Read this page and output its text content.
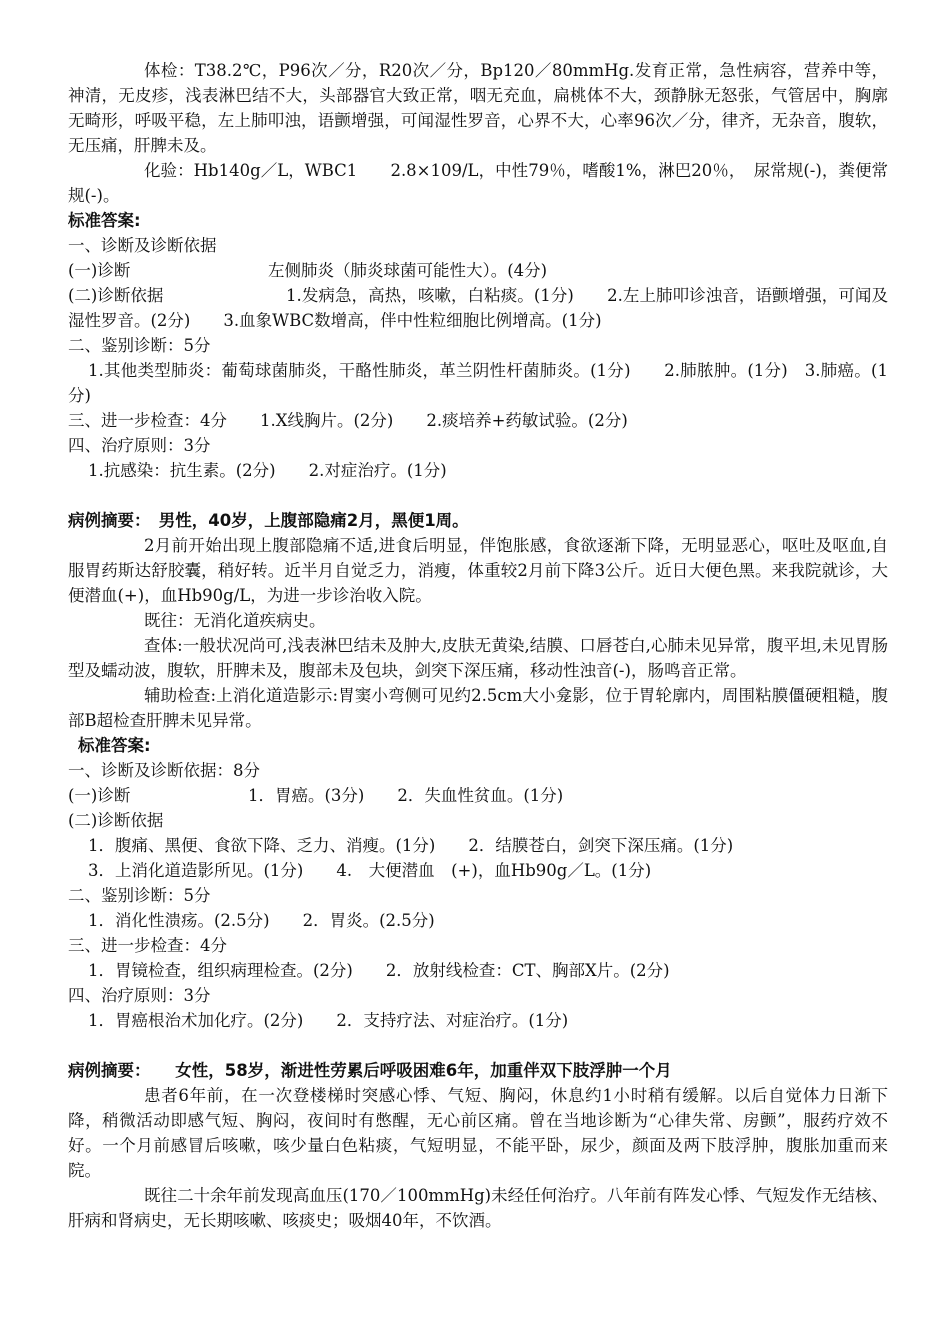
体检：T38.2℃，P96次／分，R20次／分，Bp120／80mmHg.发育正常，急性病容，营养中等，神清，无皮疹，浅表淋巴结不大，头部器官大致正常，咽无充血，扁桃体不大，颈静脉无怒张，气管居中，胸廓无畸形，呼吸平稳，左上肺叩浊，语颤增强，可闻湿性罗音，心界不大，心率96次／分，律齐，无杂音，腹软，无压痛，肝脾未及。

化验：Hb140g／L，WBC1　　2.8×109/L，中性79％，嗜酸1%，淋巴20％，　尿常规(-)，粪便常规(-)。

标准答案:

一、诊断及诊断依据

(一)诊断	左侧肺炎（肺炎球菌可能性大）。(4分)

(二)诊断依据	1.发病急，高热，咳嗽，白粘痰。(1分)　　2.左上肺叩诊浊音，语颤增强，可闻及湿性罗音。(2分)　　3.血象WBC数增高，伴中性粒细胞比例增高。(1分)

二、鉴别诊断：5分

1.其他类型肺炎：葡萄球菌肺炎，干酪性肺炎，革兰阴性杆菌肺炎。(1分)　　2.肺脓肿。(1分)　3.肺癌。(1分)

三、进一步检查：4分　　1.X线胸片。(2分)　　2.痰培养+药敏试验。(2分)

四、治疗原则：3分

1.抗感染：抗生素。(2分)　　2.对症治疗。(1分)

病例摘要：　男性，40岁，上腹部隐痛2月，黑便1周。

2月前开始出现上腹部隐痛不适,进食后明显，伴饱胀感，食欲逐渐下降，无明显恶心，呕吐及呕血,自服胃药斯达舒胶囊，稍好转。近半月自觉乏力，消瘦，体重较2月前下降3公斤。近日大便色黑。来我院就诊，大便潜血(+)，血Hb90g/L，为进一步诊治收入院。

既往：无消化道疾病史。

查体:一般状况尚可,浅表淋巴结未及肿大,皮肤无黄染,结膜、口唇苍白,心肺未见异常，腹平坦,未见胃肠型及蠕动波，腹软，肝脾未及，腹部未及包块，剑突下深压痛，移动性浊音(-)，肠鸣音正常。

辅助检查:上消化道造影示:胃窦小弯侧可见约2.5cm大小龛影，位于胃轮廓内，周围粘膜僵硬粗糙，腹部B超检查肝脾未见异常。

标准答案:

一、诊断及诊断依据：8分

(一)诊断	1．胃癌。(3分)　　2．失血性贫血。(1分)

(二)诊断依据

1．腹痛、黑便、食欲下降、乏力、消瘦。(1分)　　2．结膜苍白，剑突下深压痛。(1分)

3．上消化道造影所见。(1分)　　4.　大便潜血　(+)，血Hb90g／L。(1分)

二、鉴别诊断：5分

1．消化性溃疡。(2.5分)　　2．胃炎。(2.5分)

三、进一步检查：4分

1．胃镜检查，组织病理检查。(2分)　　2．放射线检查：CT、胸部X片。(2分)

四、治疗原则：3分

1．胃癌根治术加化疗。(2分)　　2．支持疗法、对症治疗。(1分)

病例摘要：　　女性，58岁，渐进性劳累后呼吸困难6年，加重伴双下肢浮肿一个月

患者6年前，在一次登楼梯时突感心悸、气短、胸闷，休息约1小时稍有缓解。以后自觉体力日渐下降，稍微活动即感气短、胸闷，夜间时有憋醒，无心前区痛。曾在当地诊断为“心律失常、房颤”，服药疗效不好。一个月前感冒后咳嗽，咳少量白色粘痰，气短明显，不能平卧，尿少，颜面及两下肢浮肿，腹胀加重而来院。

既往二十余年前发现高血压(170／100mmHg)未经任何治疗。八年前有阵发心悸、气短发作无结核、肝病和肾病史，无长期咳嗽、咳痰史；吸烟40年，不饮酒。
